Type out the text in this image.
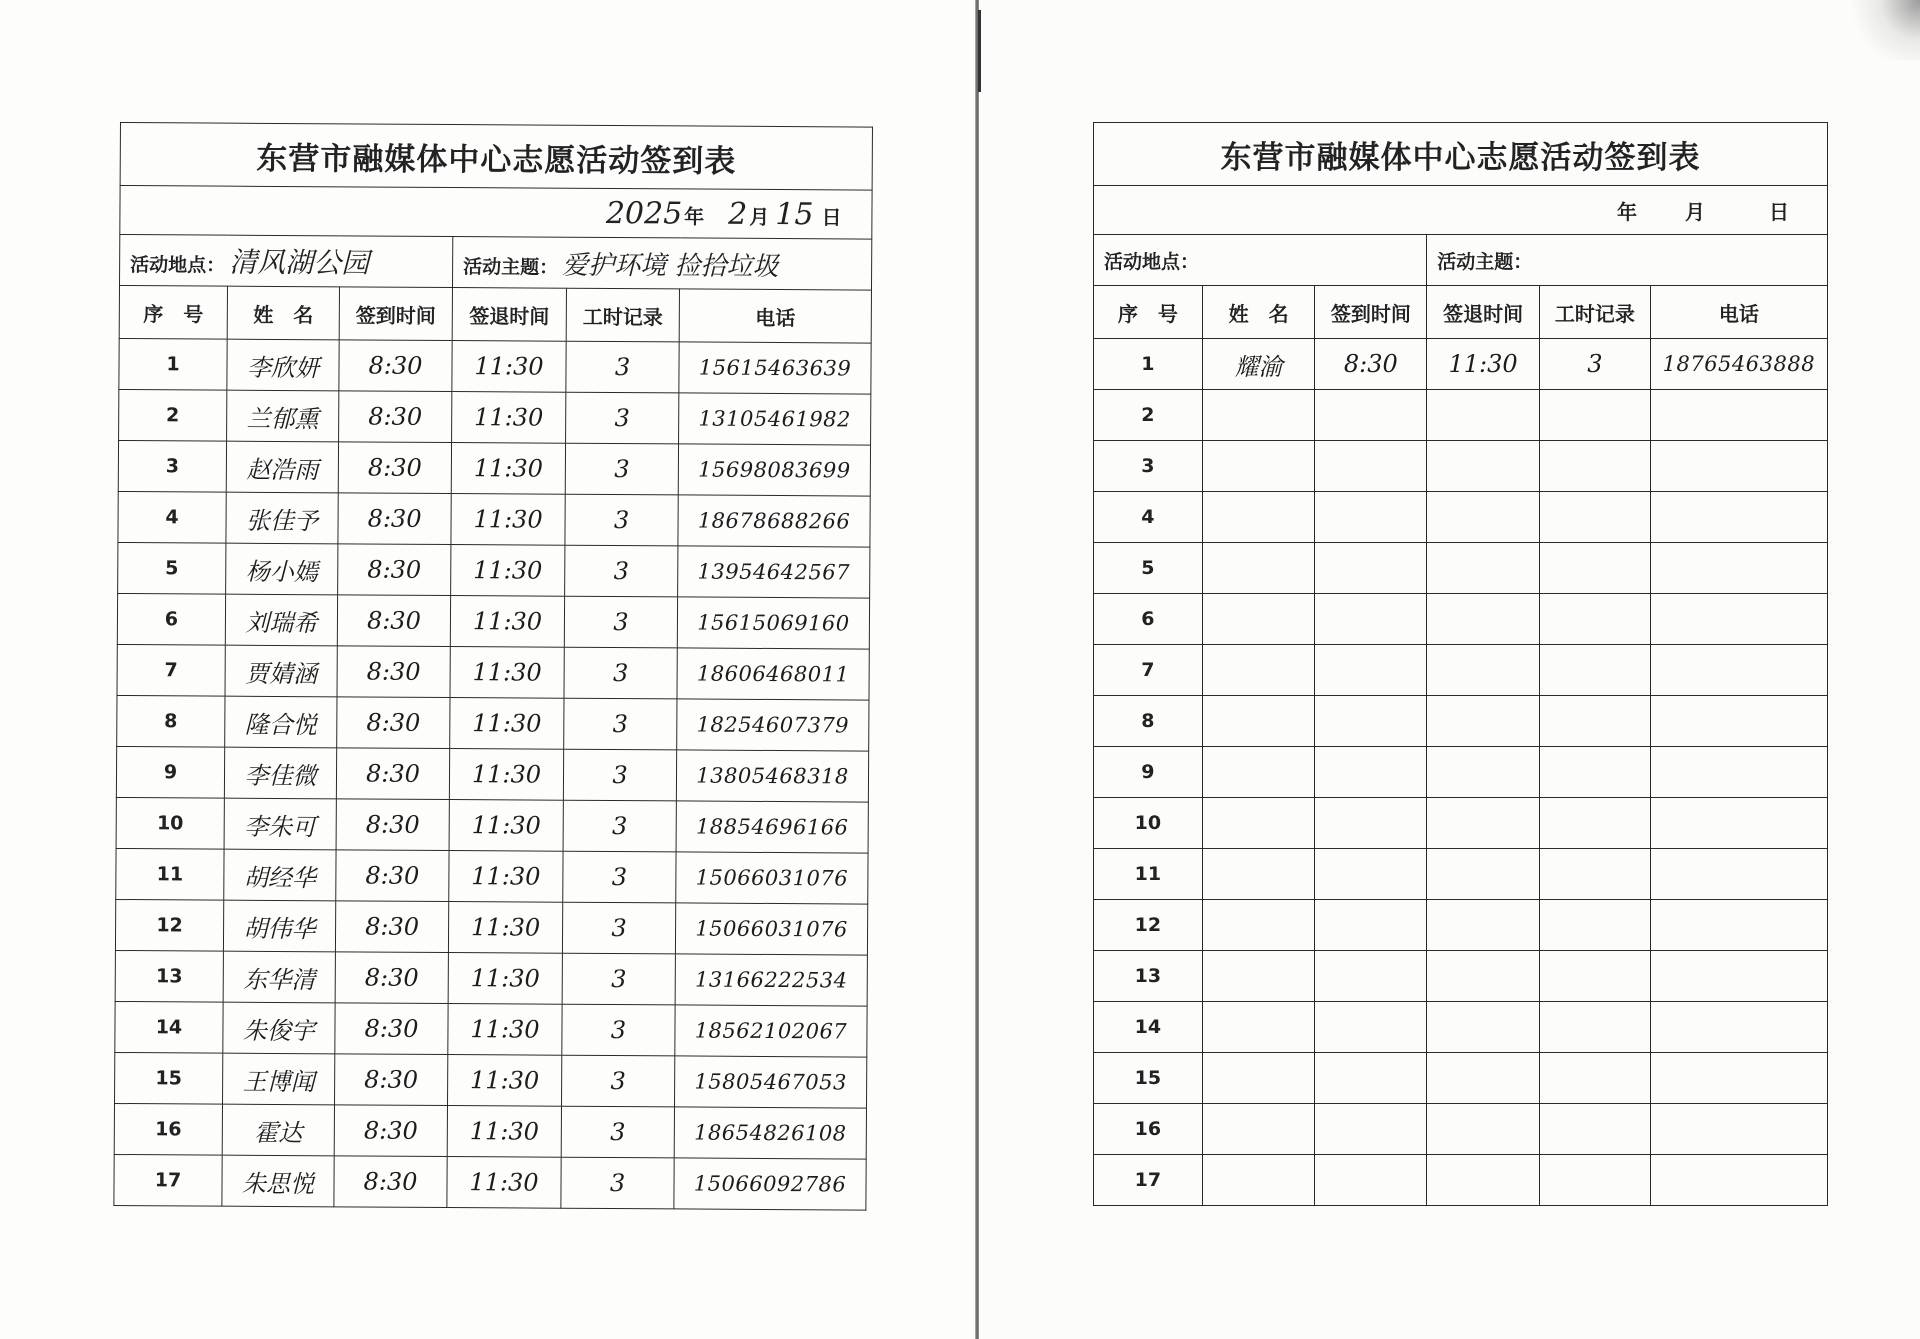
东营市融媒体中心志愿活动签到表					
2025年 2月 15 日					
活动地点： 清风湖公园			活动主题： 爱护环境 捡拾垃圾		
序　号	姓　名	签到时间	签退时间	工时记录	电话
1	李欣妍	8:30	11:30	3	15615463639
2	兰郁熏	8:30	11:30	3	13105461982
3	赵浩雨	8:30	11:30	3	15698083699
4	张佳予	8:30	11:30	3	18678688266
5	杨小嫣	8:30	11:30	3	13954642567
6	刘瑞希	8:30	11:30	3	15615069160
7	贾婧涵	8:30	11:30	3	18606468011
8	隆合悦	8:30	11:30	3	18254607379
9	李佳微	8:30	11:30	3	13805468318
10	李朱可	8:30	11:30	3	18854696166
11	胡经华	8:30	11:30	3	15066031076
12	胡伟华	8:30	11:30	3	15066031076
13	东华清	8:30	11:30	3	13166222534
14	朱俊宇	8:30	11:30	3	18562102067
15	王博闻	8:30	11:30	3	15805467053
16	霍达	8:30	11:30	3	18654826108
17	朱思悦	8:30	11:30	3	15066092786
东营市融媒体中心志愿活动签到表					
年 月 日					
活动地点：			活动主题：		
序　号	姓　名	签到时间	签退时间	工时记录	电话
1	耀渝	8:30	11:30	3	18765463888
2					
3					
4					
5					
6					
7					
8					
9					
10					
11					
12					
13					
14					
15					
16					
17					
